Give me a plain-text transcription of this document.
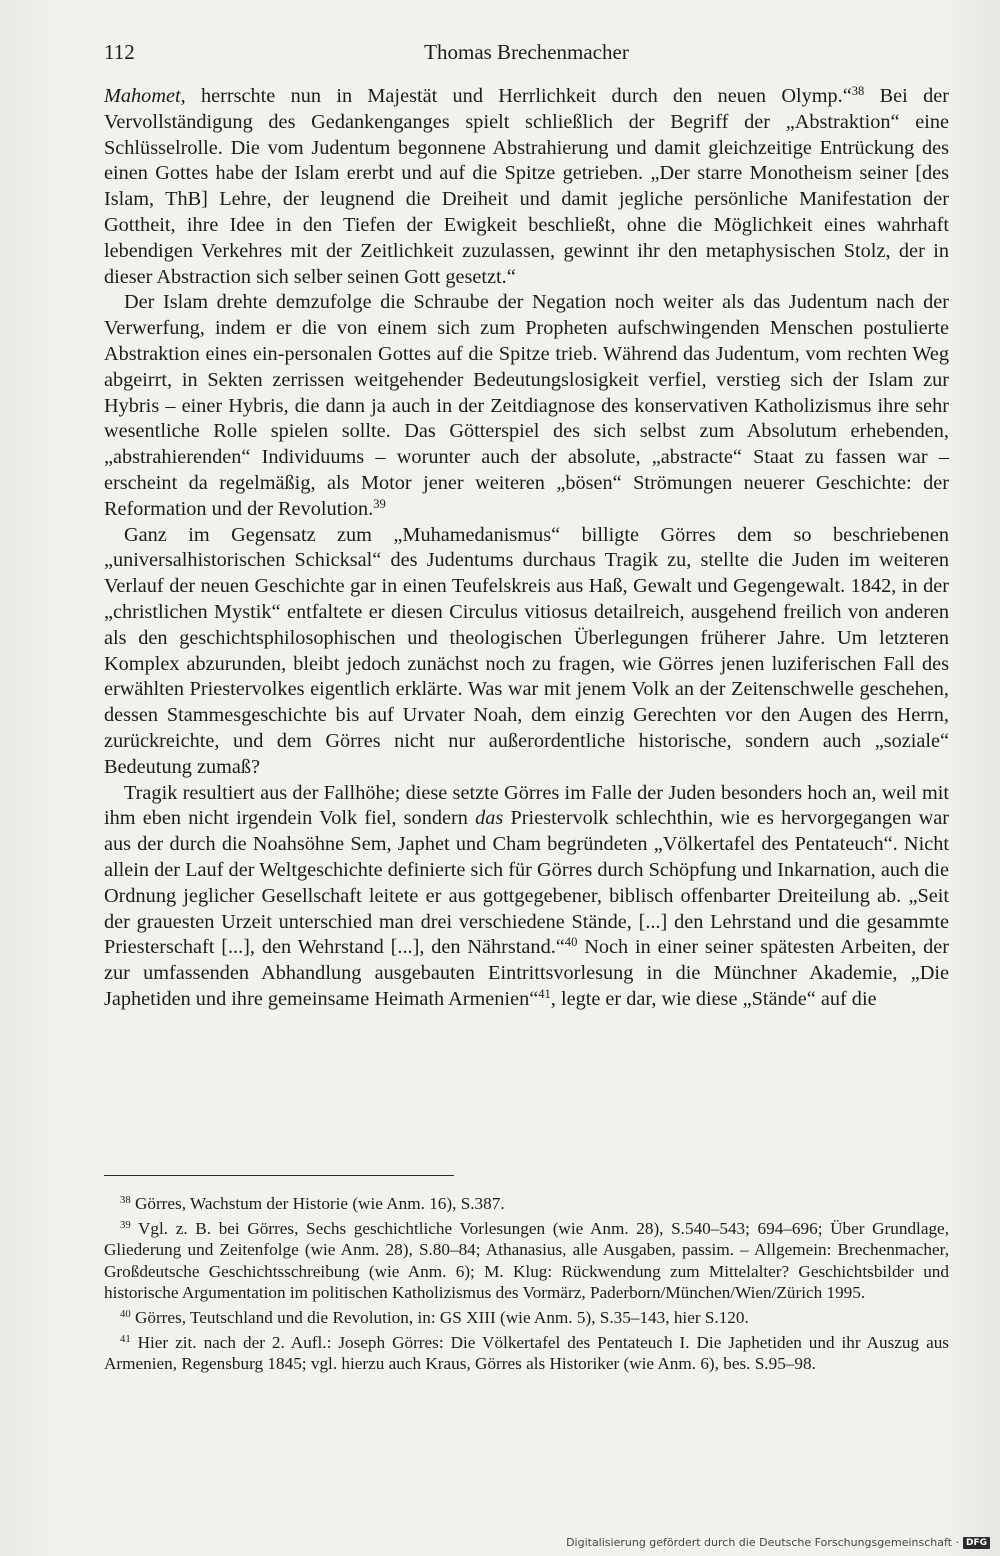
112	Thomas Brechenmacher

Mahomet, herrschte nun in Majestät und Herrlichkeit durch den neuen Olymp.“$^{38}$ Bei der Vervollständigung des Gedankenganges spielt schließlich der Begriff der „Abstraktion“ eine Schlüsselrolle. Die vom Judentum begonnene Abstrahierung und damit gleichzeitige Entrückung des einen Gottes habe der Islam ererbt und auf die Spitze getrieben. „Der starre Monotheism seiner [des Islam, ThB] Lehre, der leugnend die Dreiheit und damit jegliche persönliche Manifestation der Gottheit, ihre Idee in den Tiefen der Ewigkeit beschließt, ohne die Möglichkeit eines wahrhaft lebendigen Verkehres mit der Zeitlichkeit zuzulassen, gewinnt ihr den metaphysischen Stolz, der in dieser Abstraction sich selber seinen Gott gesetzt.“

Der Islam drehte demzufolge die Schraube der Negation noch weiter als das Judentum nach der Verwerfung, indem er die von einem sich zum Propheten aufschwingenden Menschen postulierte Abstraktion eines ein-personalen Gottes auf die Spitze trieb. Während das Judentum, vom rechten Weg abgeirrt, in Sekten zerrissen weitgehender Bedeutungslosigkeit verfiel, verstieg sich der Islam zur Hybris – einer Hybris, die dann ja auch in der Zeitdiagnose des konservativen Katholizismus ihre sehr wesentliche Rolle spielen sollte. Das Götterspiel des sich selbst zum Absolutum erhebenden, „abstrahierenden“ Individuums – worunter auch der absolute, „abstracte“ Staat zu fassen war – erscheint da regelmäßig, als Motor jener weiteren „bösen“ Strömungen neuerer Geschichte: der Reformation und der Revolution.$^{39}$

Ganz im Gegensatz zum „Muhamedanismus“ billigte Görres dem so beschriebenen „universalhistorischen Schicksal“ des Judentums durchaus Tragik zu, stellte die Juden im weiteren Verlauf der neuen Geschichte gar in einen Teufelskreis aus Haß, Gewalt und Gegengewalt. 1842, in der „christlichen Mystik“ entfaltete er diesen Circulus vitiosus detailreich, ausgehend freilich von anderen als den geschichtsphilosophischen und theologischen Überlegungen früherer Jahre. Um letzteren Komplex abzurunden, bleibt jedoch zunächst noch zu fragen, wie Görres jenen luziferischen Fall des erwählten Priestervolkes eigentlich erklärte. Was war mit jenem Volk an der Zeitenschwelle geschehen, dessen Stammesgeschichte bis auf Urvater Noah, dem einzig Gerechten vor den Augen des Herrn, zurückreichte, und dem Görres nicht nur außerordentliche historische, sondern auch „soziale“ Bedeutung zumaß?

Tragik resultiert aus der Fallhöhe; diese setzte Görres im Falle der Juden besonders hoch an, weil mit ihm eben nicht irgendein Volk fiel, sondern das Priestervolk schlechthin, wie es hervorgegangen war aus der durch die Noahsöhne Sem, Japhet und Cham begründeten „Völkertafel des Pentateuch“. Nicht allein der Lauf der Weltgeschichte definierte sich für Görres durch Schöpfung und Inkarnation, auch die Ordnung jeglicher Gesellschaft leitete er aus gottgegebener, biblisch offenbarter Dreiteilung ab. „Seit der grauesten Urzeit unterschied man drei verschiedene Stände, [...] den Lehrstand und die gesammte Priesterschaft [...], den Wehrstand [...], den Nährstand.“$^{40}$ Noch in einer seiner spätesten Arbeiten, der zur umfassenden Abhandlung ausgebauten Eintrittsvorlesung in die Münchner Akademie, „Die Japhetiden und ihre gemeinsame Heimath Armenien“$^{41}$, legte er dar, wie diese „Stände“ auf die

$^{38}$ Görres, Wachstum der Historie (wie Anm. 16), S.387.

$^{39}$ Vgl. z. B. bei Görres, Sechs geschichtliche Vorlesungen (wie Anm. 28), S.540–543; 694–696; Über Grundlage, Gliederung und Zeitenfolge (wie Anm. 28), S.80–84; Athanasius, alle Ausgaben, passim. – Allgemein: Brechenmacher, Großdeutsche Geschichtsschreibung (wie Anm. 6); M. Klug: Rückwendung zum Mittelalter? Geschichtsbilder und historische Argumentation im politischen Katholizismus des Vormärz, Paderborn/München/Wien/Zürich 1995.

$^{40}$ Görres, Teutschland und die Revolution, in: GS XIII (wie Anm. 5), S.35–143, hier S.120.

$^{41}$ Hier zit. nach der 2. Aufl.: Joseph Görres: Die Völkertafel des Pentateuch I. Die Japhetiden und ihr Auszug aus Armenien, Regensburg 1845; vgl. hierzu auch Kraus, Görres als Historiker (wie Anm. 6), bes. S.95–98.

Digitalisierung gefördert durch die Deutsche Forschungsgemeinschaft · DFG
